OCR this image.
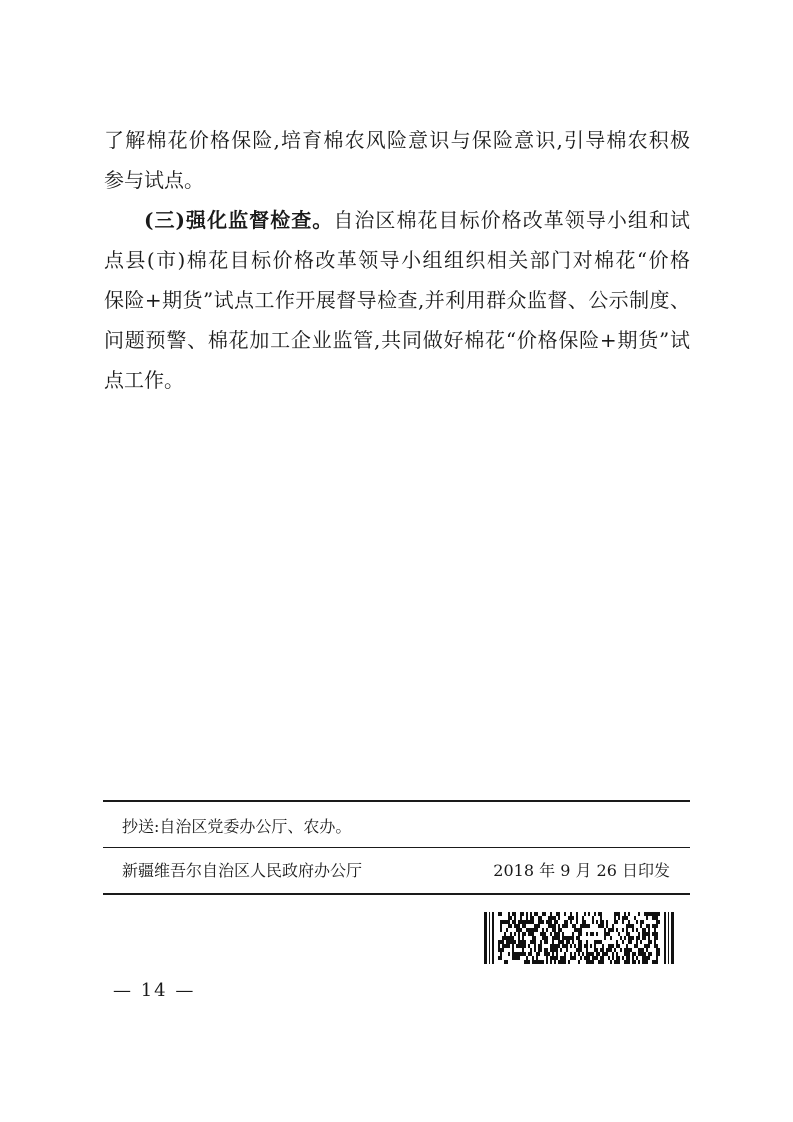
了解棉花价格保险,培育棉农风险意识与保险意识,引导棉农积极

参与试点。

(三)强化监督检查。自治区棉花目标价格改革领导小组和试

点县(市)棉花目标价格改革领导小组组织相关部门对棉花“价格

保险+期货”试点工作开展督导检查,并利用群众监督、公示制度、

问题预警、棉花加工企业监管,共同做好棉花“价格保险+期货”试

点工作。

抄送:自治区党委办公厅、农办。
新疆维吾尔自治区人民政府办公厅	2018 年 9 月 26 日印发
— 14 —
